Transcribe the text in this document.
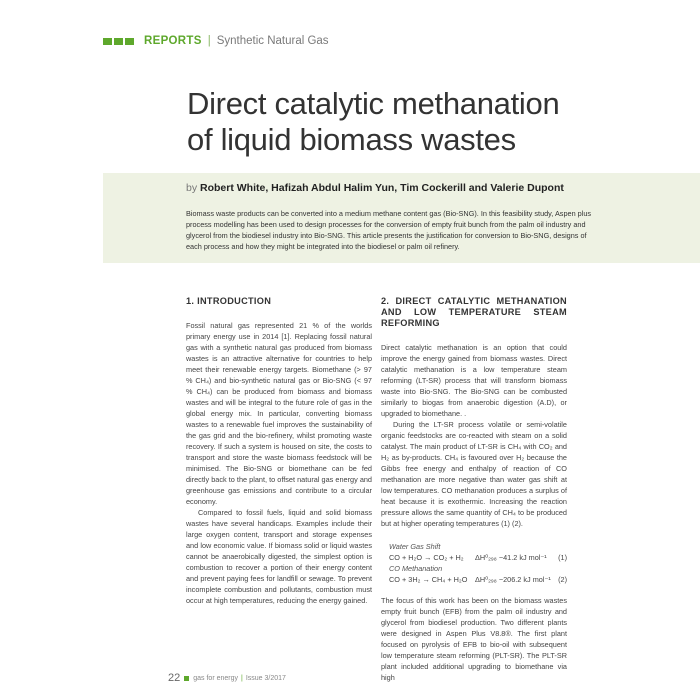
REPORTS | Synthetic Natural Gas
Direct catalytic methanation
of liquid biomass wastes
by Robert White, Hafizah Abdul Halim Yun, Tim Cockerill and Valerie Dupont
Biomass waste products can be converted into a medium methane content gas (Bio-SNG). In this feasibility study, Aspen plus process modelling has been used to design processes for the conversion of empty fruit bunch from the palm oil industry and glycerol from the biodiesel industry into Bio-SNG. This article presents the justification for conversion to Bio-SNG, designs of each process and how they might be integrated into the biodiesel or palm oil refinery.
1. INTRODUCTION

Fossil natural gas represented 21 % of the worlds primary energy use in 2014 [1]. Replacing fossil natural gas with a synthetic natural gas produced from biomass wastes is an attractive alternative for countries to help meet their renewable energy targets. Biomethane (> 97 % CH₄) and bio-synthetic natural gas or Bio-SNG (< 97 % CH₄) can be produced from biomass and biomass wastes and will be integral to the future role of gas in the global energy mix. In particular, converting biomass wastes to a renewable fuel improves the sustainability of the gas grid and the bio-refinery, whilst promoting waste recovery. If such a system is housed on site, the costs to transport and store the waste biomass feedstock will be minimised. The Bio-SNG or biomethane can be fed directly back to the plant, to offset natural gas energy and greenhouse gas emissions and contribute to a circular economy.

Compared to fossil fuels, liquid and solid biomass wastes have several handicaps. Examples include their large oxygen content, transport and storage expenses and low economic value. If biomass solid or liquid wastes cannot be anaerobically digested, the simplest option is combustion to recover a portion of their energy content and prevent paying fees for landfill or sewage. To prevent incomplete combustion and pollutants, combustion must occur at high temperatures, reducing the energy gained.

2. DIRECT CATALYTIC METHANATION AND LOW TEMPERATURE STEAM REFORMING

Direct catalytic methanation is an option that could improve the energy gained from biomass wastes. Direct catalytic methanation is a low temperature steam reforming (LT-SR) process that will transform biomass waste into Bio-SNG. The Bio-SNG can be combusted similarly to biogas from anaerobic digestion (A.D), or upgraded to biomethane. .

During the LT-SR process volatile or semi-volatile organic feedstocks are co-reacted with steam on a solid catalyst. The main product of LT-SR is CH₄ with CO₂ and H₂ as by-products. CH₄ is favoured over H₂ because the Gibbs free energy and enthalpy of reaction of CO methanation are more negative than water gas shift at low temperatures. CO methanation produces a surplus of heat because it is exothermic. Increasing the reaction pressure allows the same quantity of CH₄ to be produced but at higher operating temperatures (1) (2).

Water Gas Shift
CO + H₂O → CO₂ + H₂	ΔH⁰₂₉₈ −41.2 kJ mol⁻¹	(1)
CO Methanation
CO + 3H₂ → CH₄ + H₂O	ΔH⁰₂₉₈ −206.2 kJ mol⁻¹	(2)

The focus of this work has been on the biomass wastes empty fruit bunch (EFB) from the palm oil industry and glycerol from biodiesel production. Two different plants were designed in Aspen Plus V8.8®. The first plant focused on pyrolysis of EFB to bio-oil with subsequent low temperature steam reforming (PLT-SR). The PLT-SR plant included additional upgrading to biomethane via high

22 gas for energy | Issue 3/2017
